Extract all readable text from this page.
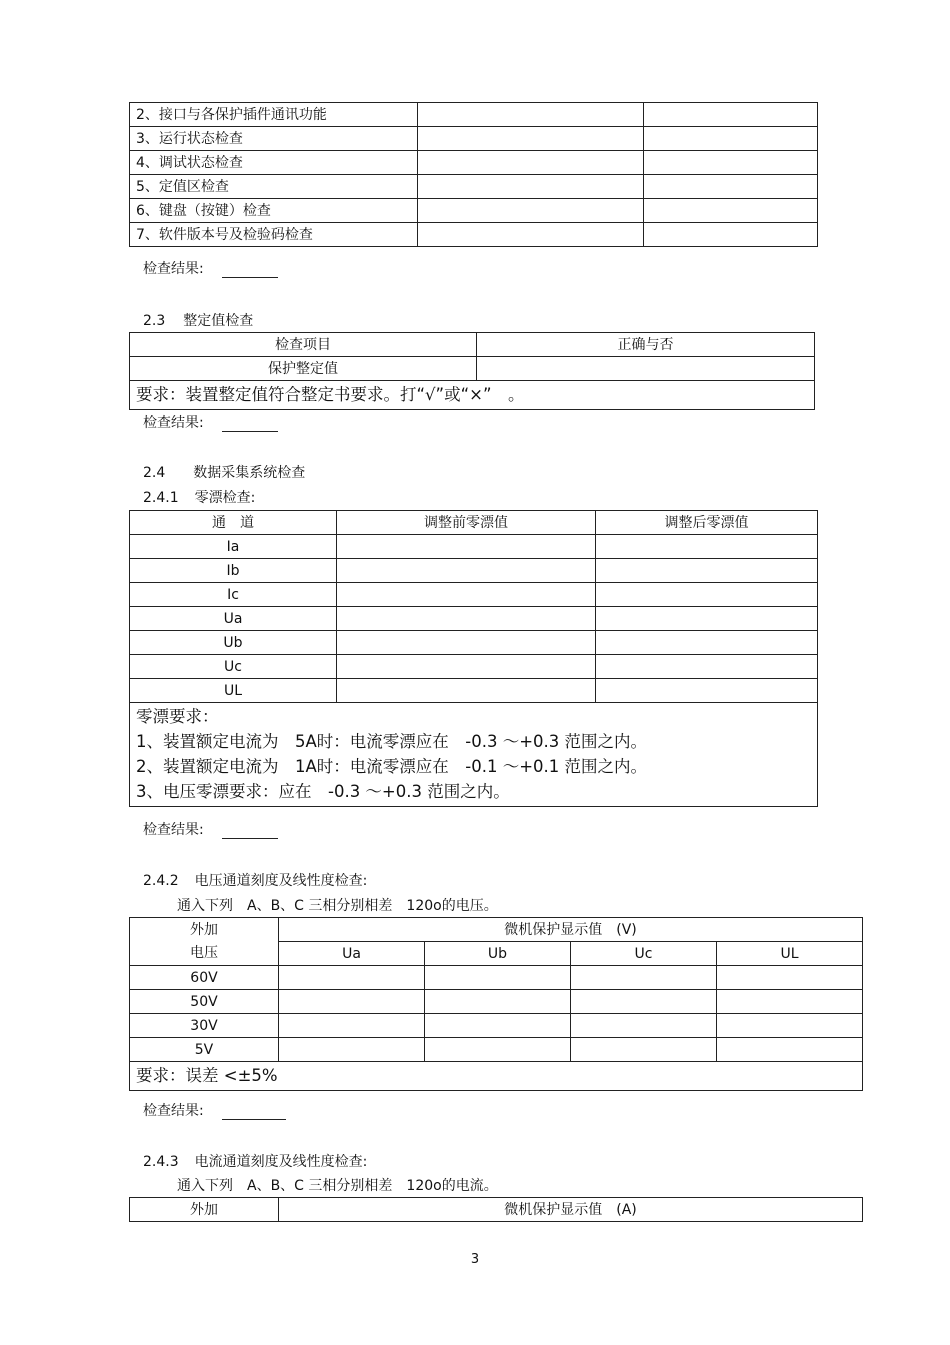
2、接口与各保护插件通讯功能		
3、运行状态检查		
4、调试状态检查		
5、定值区检查		
6、键盘（按键）检查		
7、软件版本号及检验码检查		
检查结果:
2.3 整定值检查
检查项目	正确与否
保护整定值	
要求：装置整定值符合整定书要求。打“√”或“×”　。	
检查结果:
2.4 数据采集系统检查
2.4.1 零漂检查:
通　道	调整前零漂值	调整后零漂值
Ia		
Ib		
Ic		
Ua		
Ub		
Uc		
UL		

零漂要求：
1、装置额定电流为　5A时：电流零漂应在　-0.3 ～+0.3 范围之内。
2、装置额定电流为　1A时：电流零漂应在　-0.1 ～+0.1 范围之内。
3、电压零漂要求：应在　-0.3 ～+0.3 范围之内。		
检查结果:
2.4.2 电压通道刻度及线性度检查:
通入下列　A、B、C 三相分别相差　120o的电压。
外加	微机保护显示值　(V)			
电压	Ua	Ub	Uc	UL
60V				
50V				
30V				
5V				
要求：误差 <±5%				
检查结果:
2.4.3 电流通道刻度及线性度检查:
通入下列　A、B、C 三相分别相差　120o的电流。
外加	微机保护显示值　(A)
3
